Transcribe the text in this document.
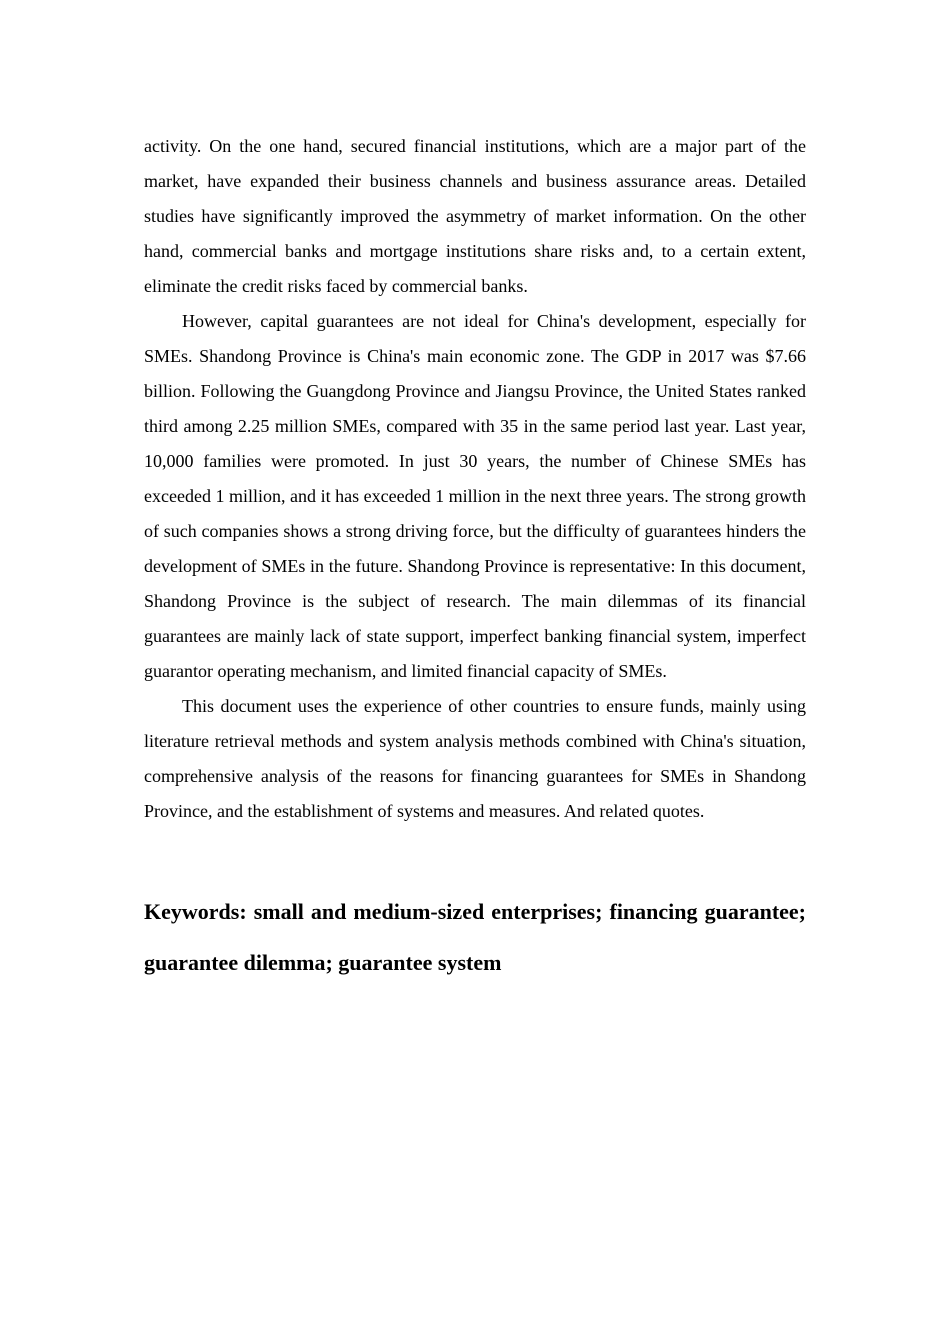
activity. On the one hand, secured financial institutions, which are a major part of the market, have expanded their business channels and business assurance areas. Detailed studies have significantly improved the asymmetry of market information. On the other hand, commercial banks and mortgage institutions share risks and, to a certain extent, eliminate the credit risks faced by commercial banks.

However, capital guarantees are not ideal for China's development, especially for SMEs. Shandong Province is China's main economic zone. The GDP in 2017 was $7.66 billion. Following the Guangdong Province and Jiangsu Province, the United States ranked third among 2.25 million SMEs, compared with 35 in the same period last year. Last year, 10,000 families were promoted. In just 30 years, the number of Chinese SMEs has exceeded 1 million, and it has exceeded 1 million in the next three years. The strong growth of such companies shows a strong driving force, but the difficulty of guarantees hinders the development of SMEs in the future. Shandong Province is representative: In this document, Shandong Province is the subject of research. The main dilemmas of its financial guarantees are mainly lack of state support, imperfect banking financial system, imperfect guarantor operating mechanism, and limited financial capacity of SMEs.

This document uses the experience of other countries to ensure funds, mainly using literature retrieval methods and system analysis methods combined with China's situation, comprehensive analysis of the reasons for financing guarantees for SMEs in Shandong Province, and the establishment of systems and measures. And related quotes.

Keywords: small and medium-sized enterprises; financing guarantee; guarantee dilemma; guarantee system
